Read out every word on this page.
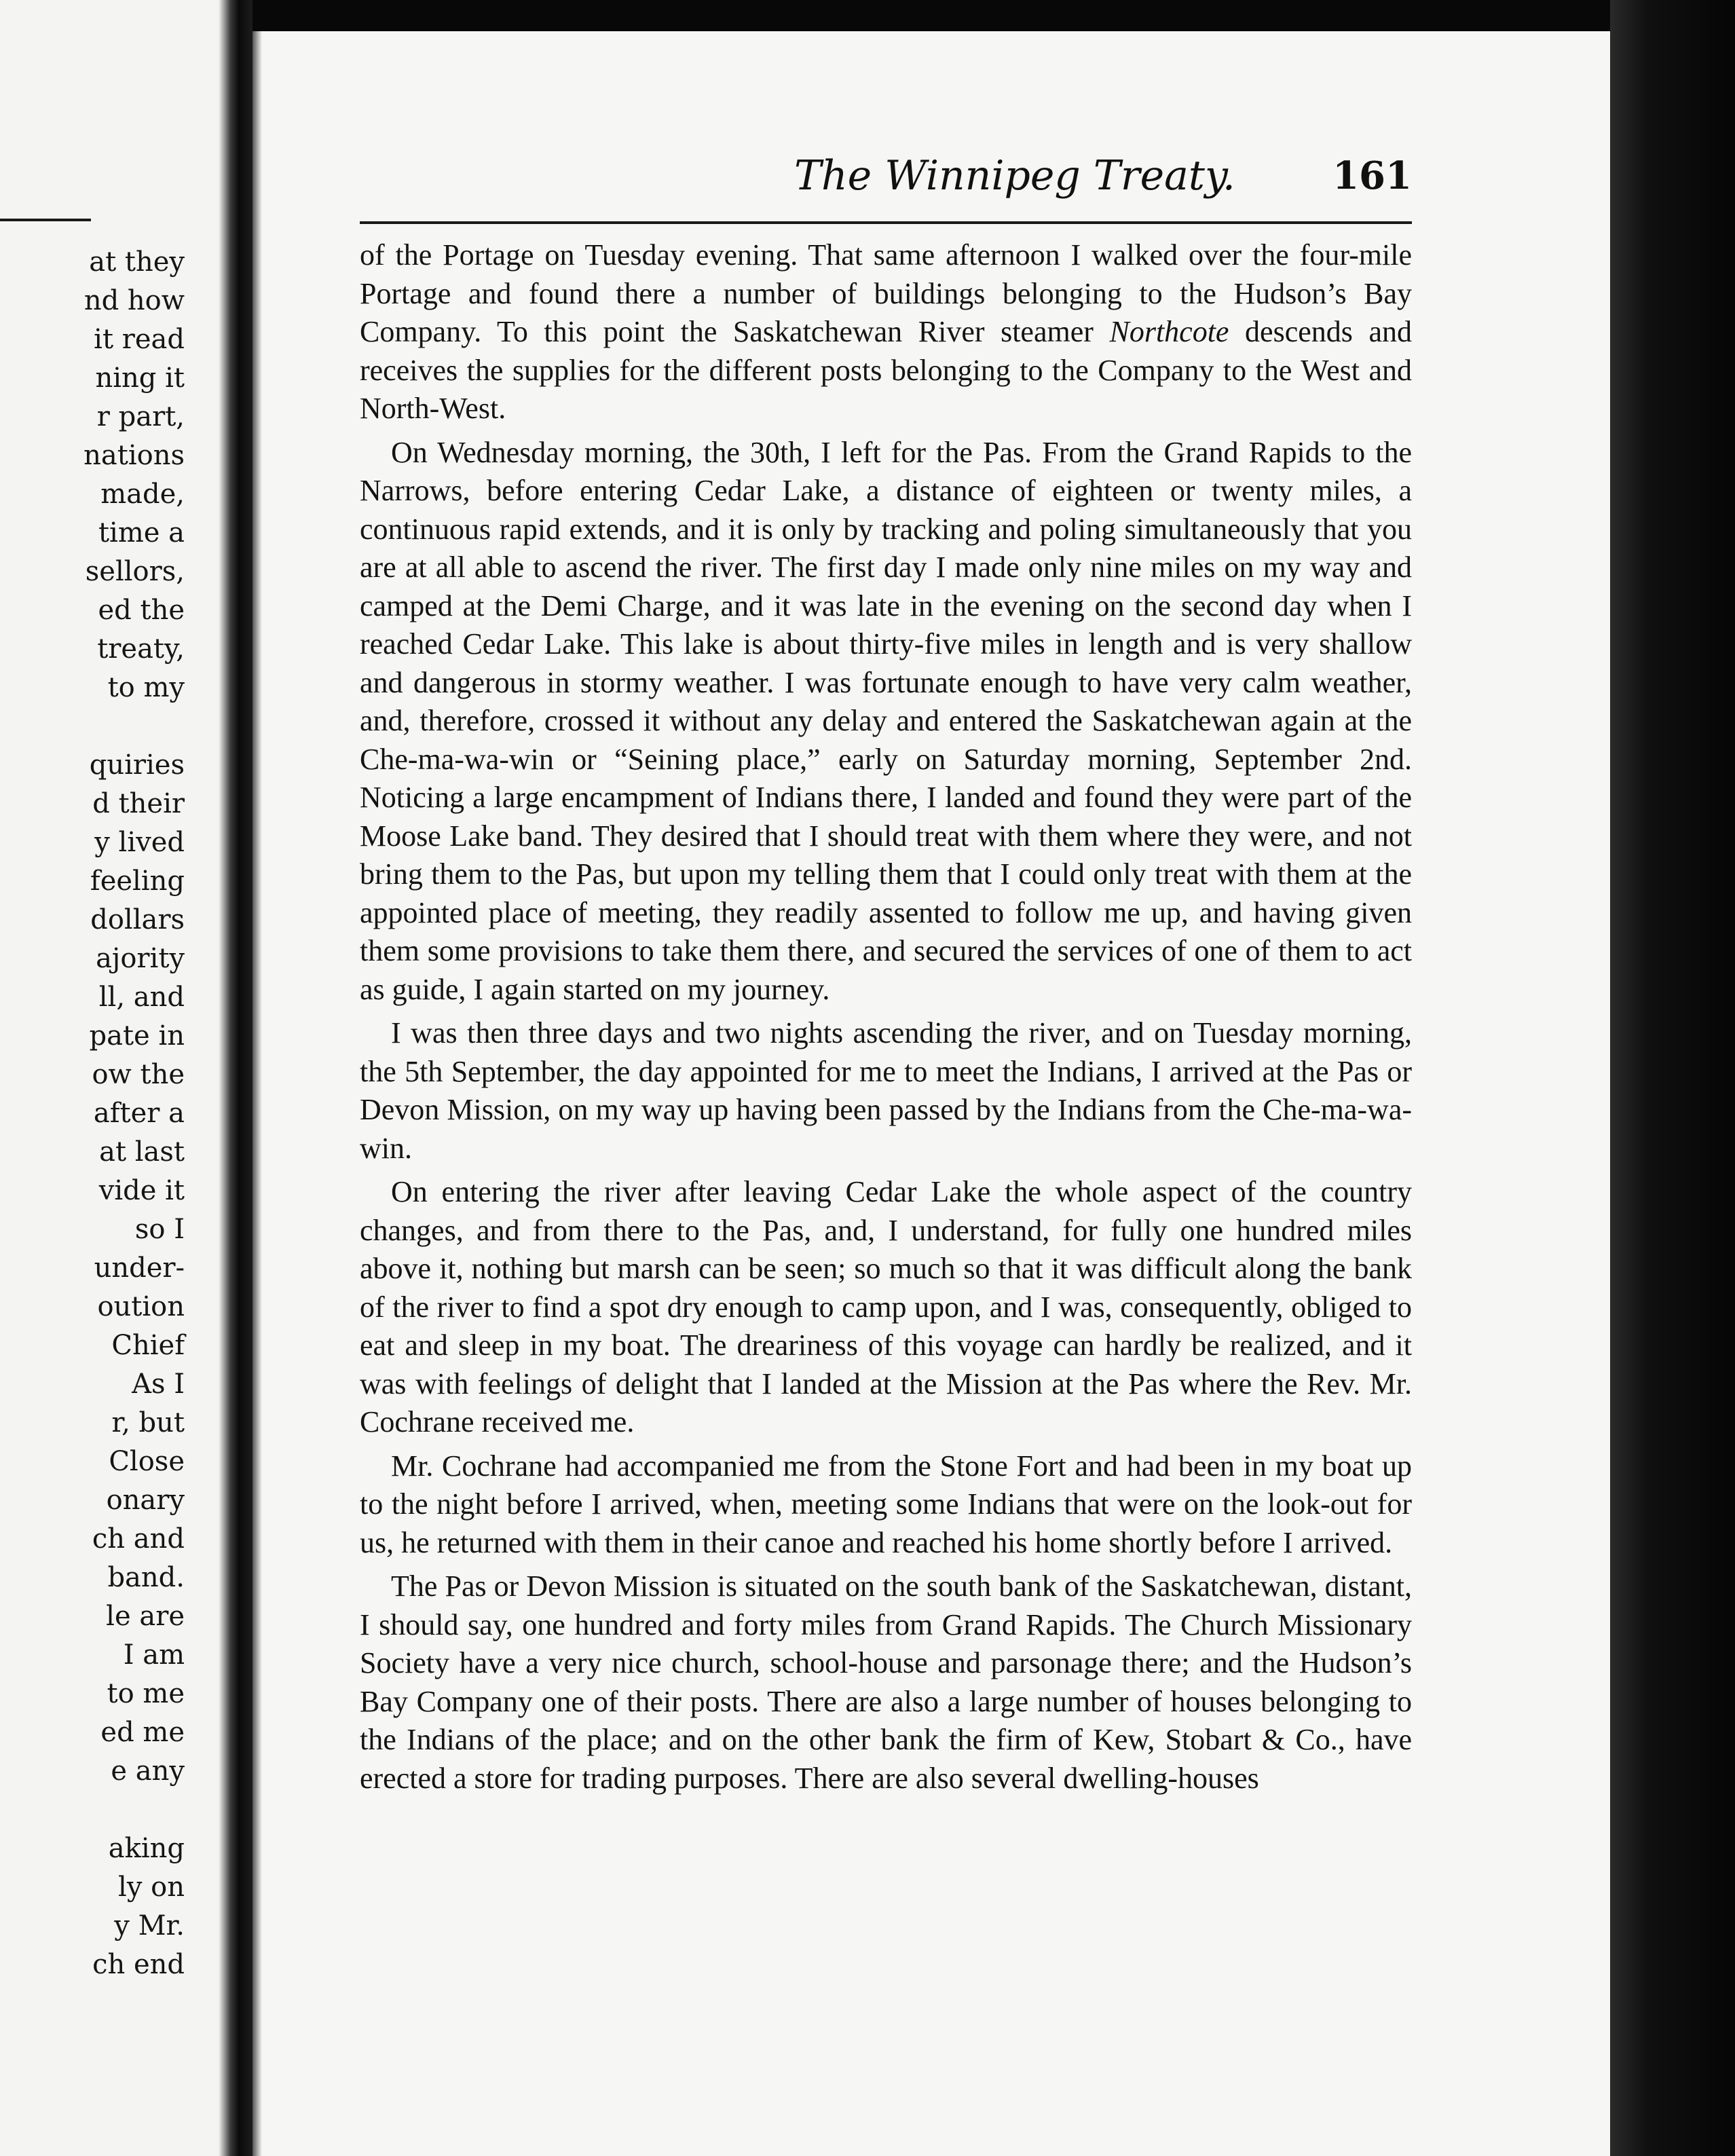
at they
nd how
it read
ning it
r part,
nations
made,
time a
sellors,
ed the
treaty,
to my
quiries
d their
y lived
feeling
dollars
ajority
ll, and
pate in
ow the
after a
at last
vide it
so I
under-
oution
Chief
As I
r, but
Close
onary
ch and
band.
le are
I am
to me
ed me
e any
aking
ly on
y Mr.
ch end
The Winnipeg Treaty.	161

of the Portage on Tuesday evening. That same afternoon I walked over the four-mile Portage and found there a number of buildings belonging to the Hudson’s Bay Company. To this point the Saskatchewan River steamer Northcote descends and receives the supplies for the different posts belonging to the Company to the West and North-West.

On Wednesday morning, the 30th, I left for the Pas. From the Grand Rapids to the Narrows, before entering Cedar Lake, a distance of eighteen or twenty miles, a continuous rapid extends, and it is only by tracking and poling simultaneously that you are at all able to ascend the river. The first day I made only nine miles on my way and camped at the Demi Charge, and it was late in the evening on the second day when I reached Cedar Lake. This lake is about thirty-five miles in length and is very shallow and dangerous in stormy weather. I was fortunate enough to have very calm weather, and, therefore, crossed it without any delay and entered the Saskatchewan again at the Che-ma-wa-win or “Seining place,” early on Saturday morning, September 2nd. Noticing a large encampment of Indians there, I landed and found they were part of the Moose Lake band. They desired that I should treat with them where they were, and not bring them to the Pas, but upon my telling them that I could only treat with them at the appointed place of meeting, they readily assented to follow me up, and having given them some provisions to take them there, and secured the services of one of them to act as guide, I again started on my journey.

I was then three days and two nights ascending the river, and on Tuesday morning, the 5th September, the day appointed for me to meet the Indians, I arrived at the Pas or Devon Mission, on my way up having been passed by the Indians from the Che-ma-wa-win.

On entering the river after leaving Cedar Lake the whole aspect of the country changes, and from there to the Pas, and, I understand, for fully one hundred miles above it, nothing but marsh can be seen; so much so that it was difficult along the bank of the river to find a spot dry enough to camp upon, and I was, consequently, obliged to eat and sleep in my boat. The dreariness of this voyage can hardly be realized, and it was with feelings of delight that I landed at the Mission at the Pas where the Rev. Mr. Cochrane received me.

Mr. Cochrane had accompanied me from the Stone Fort and had been in my boat up to the night before I arrived, when, meeting some Indians that were on the look-out for us, he returned with them in their canoe and reached his home shortly before I arrived.

The Pas or Devon Mission is situated on the south bank of the Saskatchewan, distant, I should say, one hundred and forty miles from Grand Rapids. The Church Missionary Society have a very nice church, school-house and parsonage there; and the Hudson’s Bay Company one of their posts. There are also a large number of houses belonging to the Indians of the place; and on the other bank the firm of Kew, Stobart & Co., have erected a store for trading purposes. There are also several dwelling-houses
